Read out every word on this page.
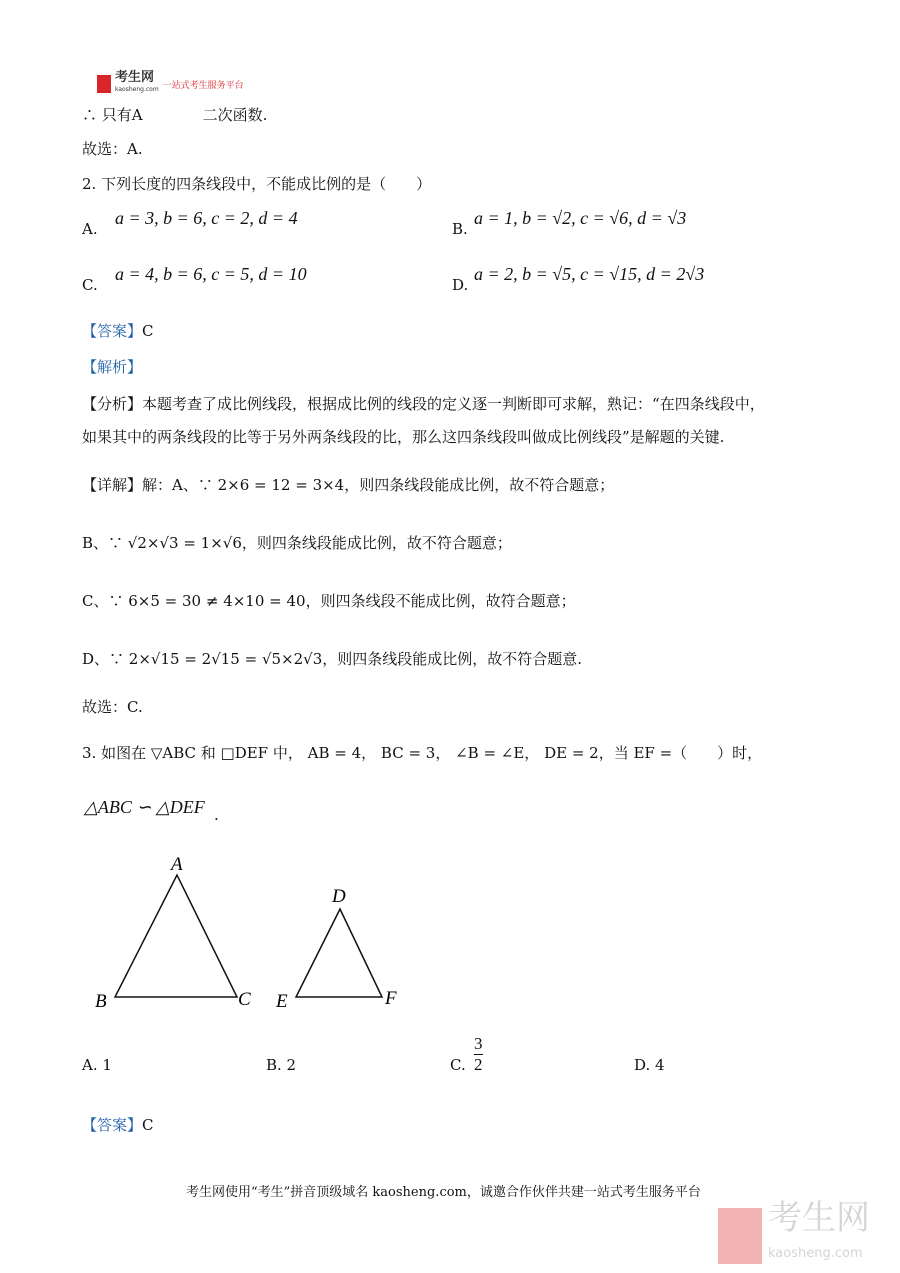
考生网
kaosheng.com 一站式考生服务平台
∴ 只有A　　　　二次函数.
故选：A.
2. 下列长度的四条线段中，不能成比例的是（　　）
A.
a = 3, b = 6, c = 2, d = 4
B.
a = 1, b = √2, c = √6, d = √3
C.
a = 4, b = 6, c = 5, d = 10
D.
a = 2, b = √5, c = √15, d = 2√3
【答案】C
【解析】
【分析】本题考查了成比例线段，根据成比例的线段的定义逐一判断即可求解，熟记：“在四条线段中，
如果其中的两条线段的比等于另外两条线段的比，那么这四条线段叫做成比例线段”是解题的关键.
【详解】解：A、∵ 2×6 = 12 = 3×4，则四条线段能成比例，故不符合题意；
B、∵ √2×√3 = 1×√6，则四条线段能成比例，故不符合题意；
C、∵ 6×5 = 30 ≠ 4×10 = 40，则四条线段不能成比例，故符合题意；
D、∵ 2×√15 = 2√15 = √5×2√3，则四条线段能成比例，故不符合题意.
故选：C.
3. 如图在 ▽ABC 和 □DEF 中， AB = 4， BC = 3， ∠B = ∠E， DE = 2，当 EF =（　　）时，
△ABC ∽ △DEF .
A
B	C
D
E	F
A. 1	B. 2	C. $\frac{3}{2}$	D. 4
【答案】C
考生网使用“考生”拼音顶级域名 kaosheng.com，诚邀合作伙伴共建一站式考生服务平台
考生网
kaosheng.com
